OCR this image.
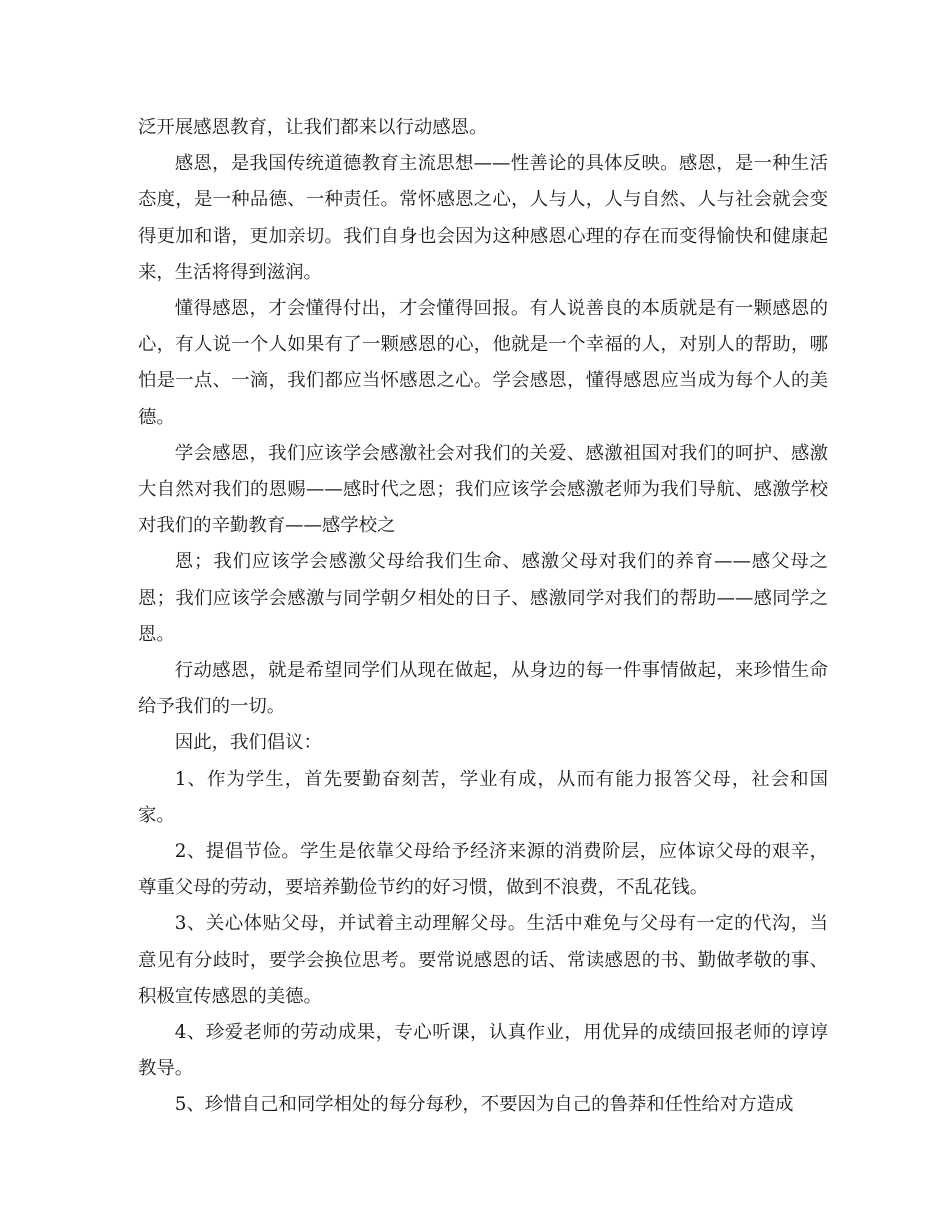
泛开展感恩教育，让我们都来以行动感恩。

感恩，是我国传统道德教育主流思想——性善论的具体反映。感恩，是一种生活态度，是一种品德、一种责任。常怀感恩之心，人与人，人与自然、人与社会就会变得更加和谐，更加亲切。我们自身也会因为这种感恩心理的存在而变得愉快和健康起来，生活将得到滋润。

懂得感恩，才会懂得付出，才会懂得回报。有人说善良的本质就是有一颗感恩的心，有人说一个人如果有了一颗感恩的心，他就是一个幸福的人，对别人的帮助，哪怕是一点、一滴，我们都应当怀感恩之心。学会感恩，懂得感恩应当成为每个人的美德。

学会感恩，我们应该学会感激社会对我们的关爱、感激祖国对我们的呵护、感激大自然对我们的恩赐——感时代之恩；我们应该学会感激老师为我们导航、感激学校对我们的辛勤教育——感学校之

恩；我们应该学会感激父母给我们生命、感激父母对我们的养育——感父母之恩；我们应该学会感激与同学朝夕相处的日子、感激同学对我们的帮助——感同学之恩。

行动感恩，就是希望同学们从现在做起，从身边的每一件事情做起，来珍惜生命给予我们的一切。

因此，我们倡议：

1、作为学生，首先要勤奋刻苦，学业有成，从而有能力报答父母，社会和国家。

2、提倡节俭。学生是依靠父母给予经济来源的消费阶层，应体谅父母的艰辛，尊重父母的劳动，要培养勤俭节约的好习惯，做到不浪费，不乱花钱。

3、关心体贴父母，并试着主动理解父母。生活中难免与父母有一定的代沟，当意见有分歧时，要学会换位思考。要常说感恩的话、常读感恩的书、勤做孝敬的事、积极宣传感恩的美德。

4、珍爱老师的劳动成果，专心听课，认真作业，用优异的成绩回报老师的谆谆教导。

5、珍惜自己和同学相处的每分每秒，不要因为自己的鲁莽和任性给对方造成
